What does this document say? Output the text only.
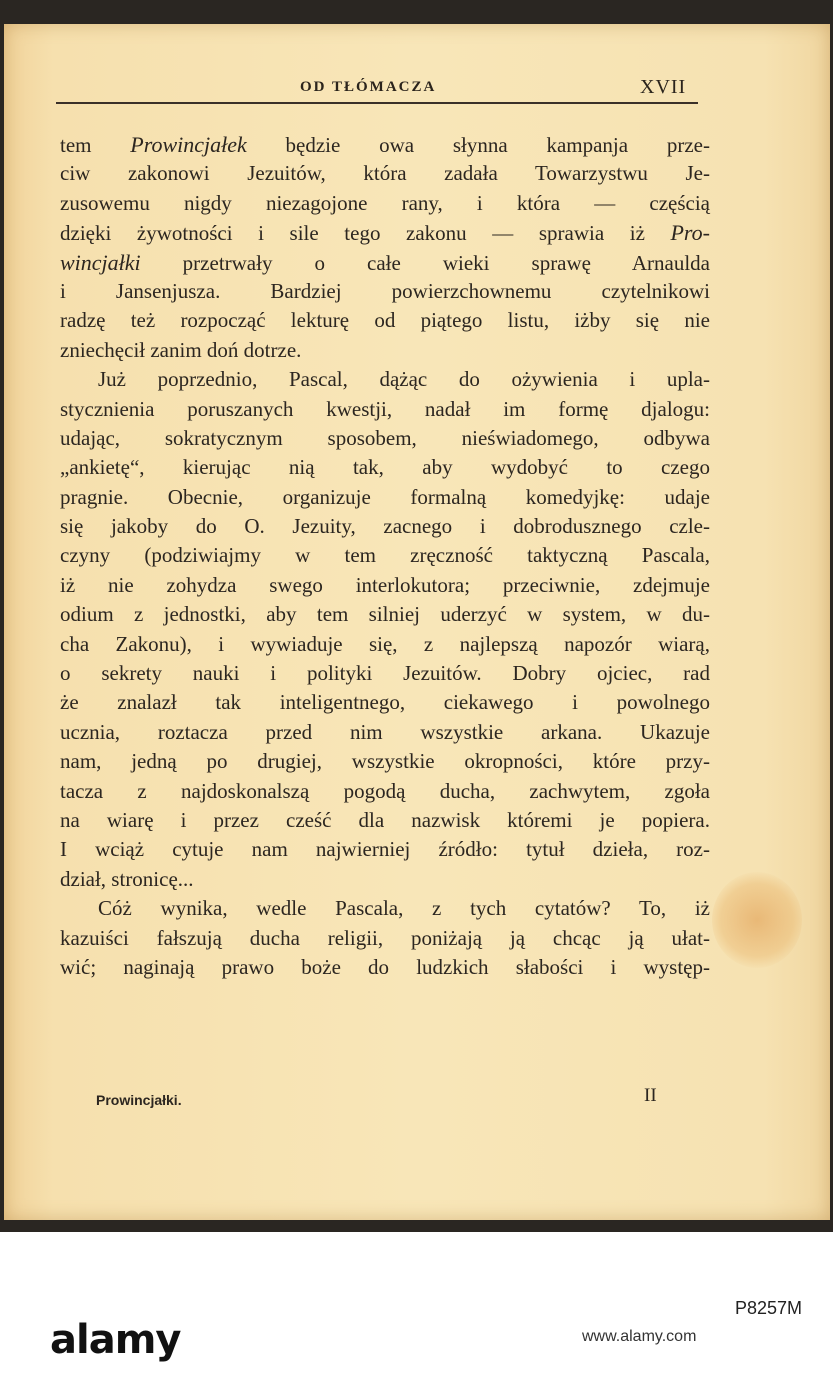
OD TŁÓMACZA	XVII
tem Prowincjałek będzie owa słynna kampanja prze-
ciw zakonowi Jezuitów, która zadała Towarzystwu Je-
zusowemu nigdy niezagojone rany, i która — częścią
dzięki żywotności i sile tego zakonu — sprawia iż Pro-
wincjałki przetrwały o całe wieki sprawę Arnaulda
i Jansenjusza. Bardziej powierzchownemu czytelnikowi
radzę też rozpocząć lekturę od piątego listu, iżby się nie
zniechęcił zanim doń dotrze.
Już poprzednio, Pascal, dążąc do ożywienia i upla-
stycznienia poruszanych kwestji, nadał im formę djalogu:
udając, sokratycznym sposobem, nieświadomego, odbywa
„ankietę“, kierując nią tak, aby wydobyć to czego
pragnie. Obecnie, organizuje formalną komedyjkę: udaje
się jakoby do O. Jezuity, zacnego i dobrodusznego czle-
czyny (podziwiajmy w tem zręczność taktyczną Pascala,
iż nie zohydza swego interlokutora; przeciwnie, zdejmuje
odium z jednostki, aby tem silniej uderzyć w system, w du-
cha Zakonu), i wywiaduje się, z najlepszą napozór wiarą,
o sekrety nauki i polityki Jezuitów. Dobry ojciec, rad
że znalazł tak inteligentnego, ciekawego i powolnego
ucznia, roztacza przed nim wszystkie arkana. Ukazuje
nam, jedną po drugiej, wszystkie okropności, które przy-
tacza z najdoskonalszą pogodą ducha, zachwytem, zgoła
na wiarę i przez cześć dla nazwisk któremi je popiera.
I wciąż cytuje nam najwierniej źródło: tytuł dzieła, roz-
dział, stronicę...
Cóż wynika, wedle Pascala, z tych cytatów? To, iż
kazuiści fałszują ducha religii, poniżają ją chcąc ją ułat-
wić; naginają prawo boże do ludzkich słabości i występ-
Prowincjałki.	II
alamy
P8257M
www.alamy.com
